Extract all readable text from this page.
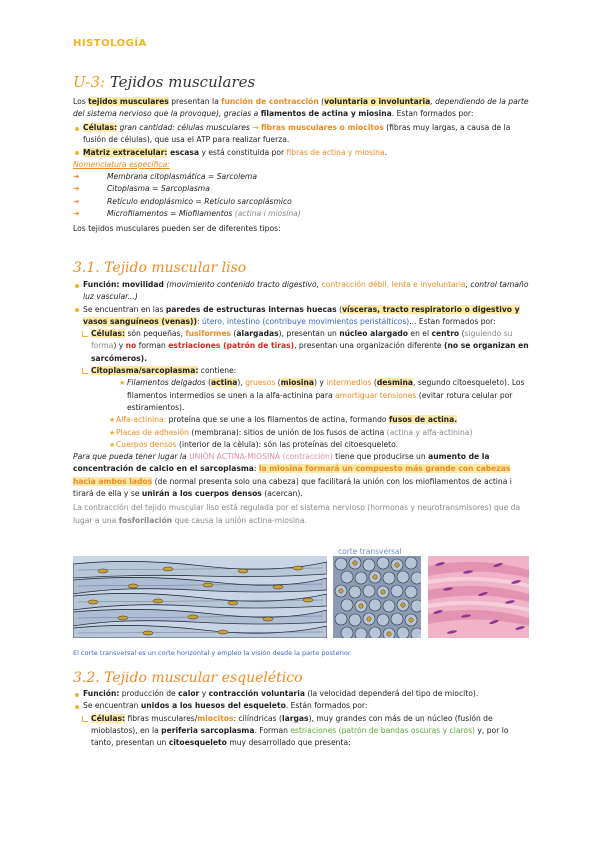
HISTOLOGÍA
U-3: Tejidos musculares
Los tejidos musculares presentan la función de contracción (voluntaria o involuntaria, dependiendo de la parte del sistema nervioso que la provoque), gracias a filamentos de actina y miosina. Estan formados por:
Células: gran cantidad: células musculares → fibras musculares o miocitos (fibras muy largas, a causa de la fusión de células), que usa el ATP para realizar fuerza.
Matriz extracelular: escasa y está constituida por fibras de actina y miosina.
Nomenclatura específica:
➜	Membrana citoplasmática = Sarcolema
➜	Citoplasma = Sarcoplasma
➜	Retículo endoplásmico = Retículo sarcoplásmico
➜	Microfilamentos = Miofilamentos (actina i miosina)
Los tejidos musculares pueden ser de diferentes tipos:
3.1. Tejido muscular liso
Función: movilidad (movimiento contenido tracto digestivo, contracción débil, lenta e involuntaria, control tamaño luz vascular...)
Se encuentran en las paredes de estructuras internas huecas (vísceras, tracto respiratorio o digestivo y vasos sanguíneos (venas)): útero, intestino (contribuye movimientos peristálticos)... Estan formados por:
Células: són pequeñas, fusiformes (alargadas), presentan un núcleo alargado en el centro (siguiendo su forma) y no forman estriaciones (patrón de tiras), presentan una organización diferente (no se organizan en sarcómeros).
Citoplasma/sarcoplasma: contiene:
★ Filamentos delgados (actina), gruesos (miosina) y intermedios (desmina, segundo citoesqueleto). Los filamentos intermedios se unen a la alfa-actinina para amortiguar tensiones (evitar rotura celular por estiramientos).
★ Alfa-actinina: proteína que se une a los filamentos de actina, formando fusos de actina.
★ Placas de adhesión (membrana): sitios de unión de los fusos de actina (actina y alfa-actinina)
★ Cuerpos densos (interior de la cèlula): són las proteínas del citoesqueleto.
Para que pueda tener lugar la UNIÓN ACTINA-MIOSINA (contracción) tiene que producirse un aumento de la concentración de calcio en el sarcoplasma: la miosina formará un compuesto más grande con cabezas hacia ambos lados (de normal presenta solo una cabeza) que facilitará la unión con los miofilamentos de actina i tirará de ella y se unirán a los cuerpos densos (acercan).
La contracción del tejido muscular liso está regulada por el sistema nervioso (hormonas y neurotransmisores) que da lugar a una fosforilación que causa la unión actina-miosina.
corte transversal
El corte transversal es un corte horizontal y empleo la visión desde la parte posterior.
3.2. Tejido muscular esquelético
Función: producción de calor y contracción voluntaria (la velocidad dependerá del tipo de miocito).
Se encuentran unidos a los huesos del esqueleto. Están formados por:
Células: fibras musculares/miocitos: cilíndricas (largas), muy grandes con más de un núcleo (fusión de mioblastos), en la periferia sarcoplasma. Forman estriaciones (patrón de bandas oscuras y claros) y, por lo tanto, presentan un citoesqueleto muy desarrollado que presenta:
